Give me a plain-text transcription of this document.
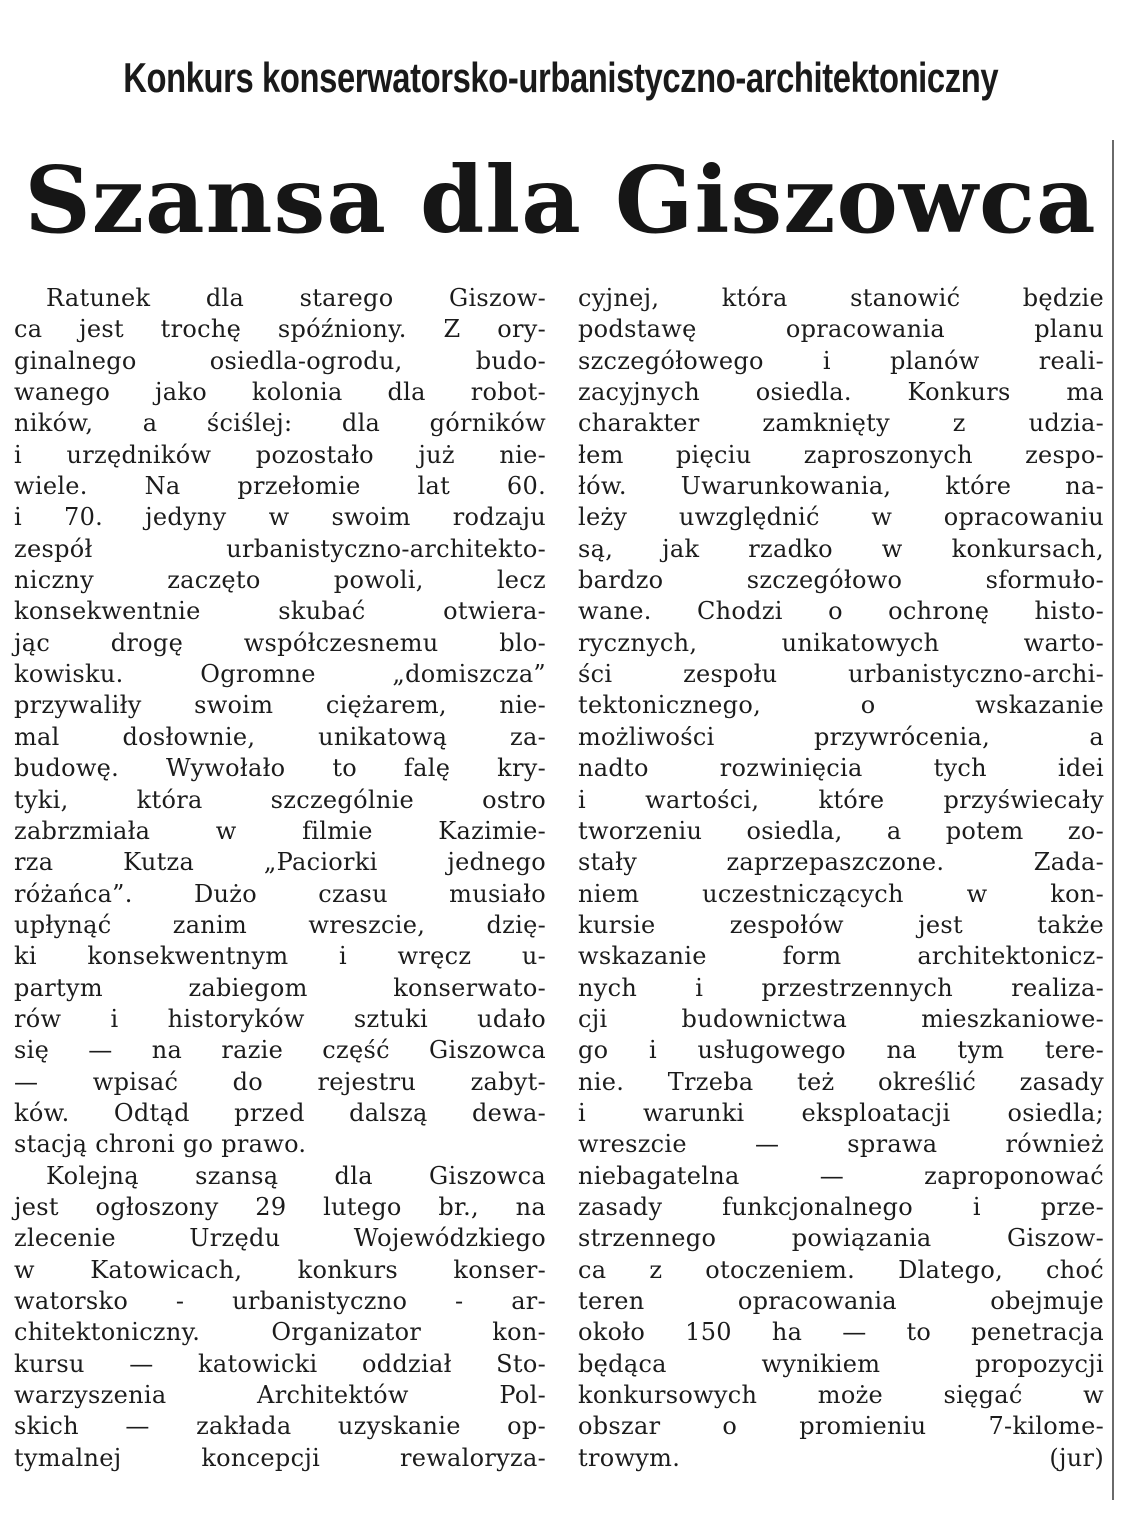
Konkurs konserwatorsko-urbanistyczno-architektoniczny
Szansa dla Giszowca
Ratunek dla starego Giszow-
ca jest trochę spóźniony. Z ory-
ginalnego osiedla-ogrodu, budo-
wanego jako kolonia dla robot-
ników, a ściślej: dla górników
i urzędników pozostało już nie-
wiele. Na przełomie lat 60.
i 70. jedyny w swoim rodzaju
zespół urbanistyczno-architekto-
niczny zaczęto powoli, lecz
konsekwentnie skubać otwiera-
jąc drogę współczesnemu blo-
kowisku. Ogromne „domiszcza”
przywaliły swoim ciężarem, nie-
mal dosłownie, unikatową za-
budowę. Wywołało to falę kry-
tyki, która szczególnie ostro
zabrzmiała w filmie Kazimie-
rza Kutza „Paciorki jednego
różańca”. Dużo czasu musiało
upłynąć zanim wreszcie, dzię-
ki konsekwentnym i wręcz u-
partym zabiegom konserwato-
rów i historyków sztuki udało
się — na razie część Giszowca
— wpisać do rejestru zabyt-
ków. Odtąd przed dalszą dewa-
stacją chroni go prawo.
Kolejną szansą dla Giszowca
jest ogłoszony 29 lutego br., na
zlecenie Urzędu Wojewódzkiego
w Katowicach, konkurs konser-
watorsko - urbanistyczno - ar-
chitektoniczny. Organizator kon-
kursu — katowicki oddział Sto-
warzyszenia Architektów Pol-
skich — zakłada uzyskanie op-
tymalnej koncepcji rewaloryza-
cyjnej, która stanowić będzie
podstawę opracowania planu
szczegółowego i planów reali-
zacyjnych osiedla. Konkurs ma
charakter zamknięty z udzia-
łem pięciu zaproszonych zespo-
łów. Uwarunkowania, które na-
leży uwzględnić w opracowaniu
są, jak rzadko w konkursach,
bardzo szczegółowo sformuło-
wane. Chodzi o ochronę histo-
rycznych, unikatowych warto-
ści zespołu urbanistyczno-archi-
tektonicznego, o wskazanie
możliwości przywrócenia, a
nadto rozwinięcia tych idei
i wartości, które przyświecały
tworzeniu osiedla, a potem zo-
stały zaprzepaszczone. Zada-
niem uczestniczących w kon-
kursie zespołów jest także
wskazanie form architektonicz-
nych i przestrzennych realiza-
cji budownictwa mieszkaniowe-
go i usługowego na tym tere-
nie. Trzeba też określić zasady
i warunki eksploatacji osiedla;
wreszcie — sprawa również
niebagatelna — zaproponować
zasady funkcjonalnego i prze-
strzennego powiązania Giszow-
ca z otoczeniem. Dlatego, choć
teren opracowania obejmuje
około 150 ha — to penetracja
będąca wynikiem propozycji
konkursowych może sięgać w
obszar o promieniu 7-kilome-
trowym.	(jur)
